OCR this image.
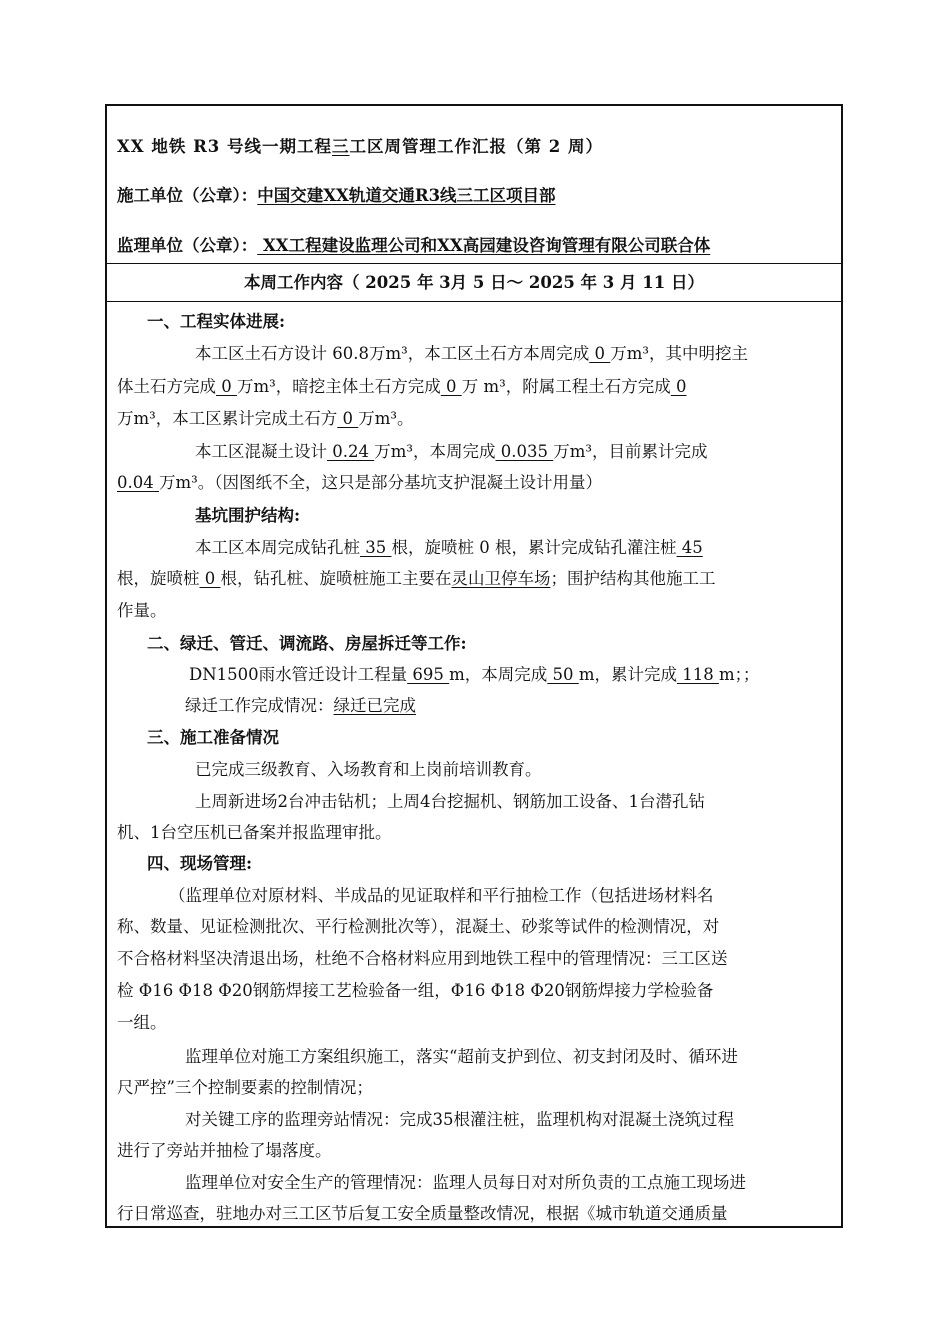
XX 地铁 R3 号线一期工程三工区周管理工作汇报（第 2 周）
施工单位（公章）：中国交建XX轨道交通R3线三工区项目部
监理单位（公章）： XX工程建设监理公司和XX高园建设咨询管理有限公司联合体
本周工作内容（ 2025 年 3月 5 日～ 2025 年 3 月 11 日）
一、工程实体进展:
本工区土石方设计 60.8万m³，本工区土石方本周完成 0 万m³，其中明挖主
体土石方完成 0 万m³，暗挖主体土石方完成 0 万 m³，附属工程土石方完成 0
万m³，本工区累计完成土石方 0 万m³。
本工区混凝土设计 0.24 万m³，本周完成 0.035 万m³，目前累计完成
0.04 万m³。（因图纸不全，这只是部分基坑支护混凝土设计用量）
基坑围护结构:
本工区本周完成钻孔桩 35 根，旋喷桩 0 根，累计完成钻孔灌注桩 45
根，旋喷桩 0 根，钻孔桩、旋喷桩施工主要在灵山卫停车场；围护结构其他施工工
作量。
二、绿迁、管迁、调流路、房屋拆迁等工作:
DN1500雨水管迁设计工程量 695 m，本周完成 50 m，累计完成 118 m；；
绿迁工作完成情况：绿迁已完成
三、施工准备情况
已完成三级教育、入场教育和上岗前培训教育。
上周新进场2台冲击钻机；上周4台挖掘机、钢筋加工设备、1台潜孔钻
机、1台空压机已备案并报监理审批。
四、现场管理:
（监理单位对原材料、半成品的见证取样和平行抽检工作（包括进场材料名
称、数量、见证检测批次、平行检测批次等），混凝土、砂浆等试件的检测情况，对
不合格材料坚决清退出场，杜绝不合格材料应用到地铁工程中的管理情况：三工区送
检 Φ16 Φ18 Φ20钢筋焊接工艺检验备一组，Φ16 Φ18 Φ20钢筋焊接力学检验备
一组。
监理单位对施工方案组织施工，落实“超前支护到位、初支封闭及时、循环进
尺严控”三个控制要素的控制情况；
对关键工序的监理旁站情况：完成35根灌注桩，监理机构对混凝土浇筑过程
进行了旁站并抽检了塌落度。
监理单位对安全生产的管理情况：监理人员每日对对所负责的工点施工现场进
行日常巡查，驻地办对三工区节后复工安全质量整改情况，根据《城市轨道交通质量
